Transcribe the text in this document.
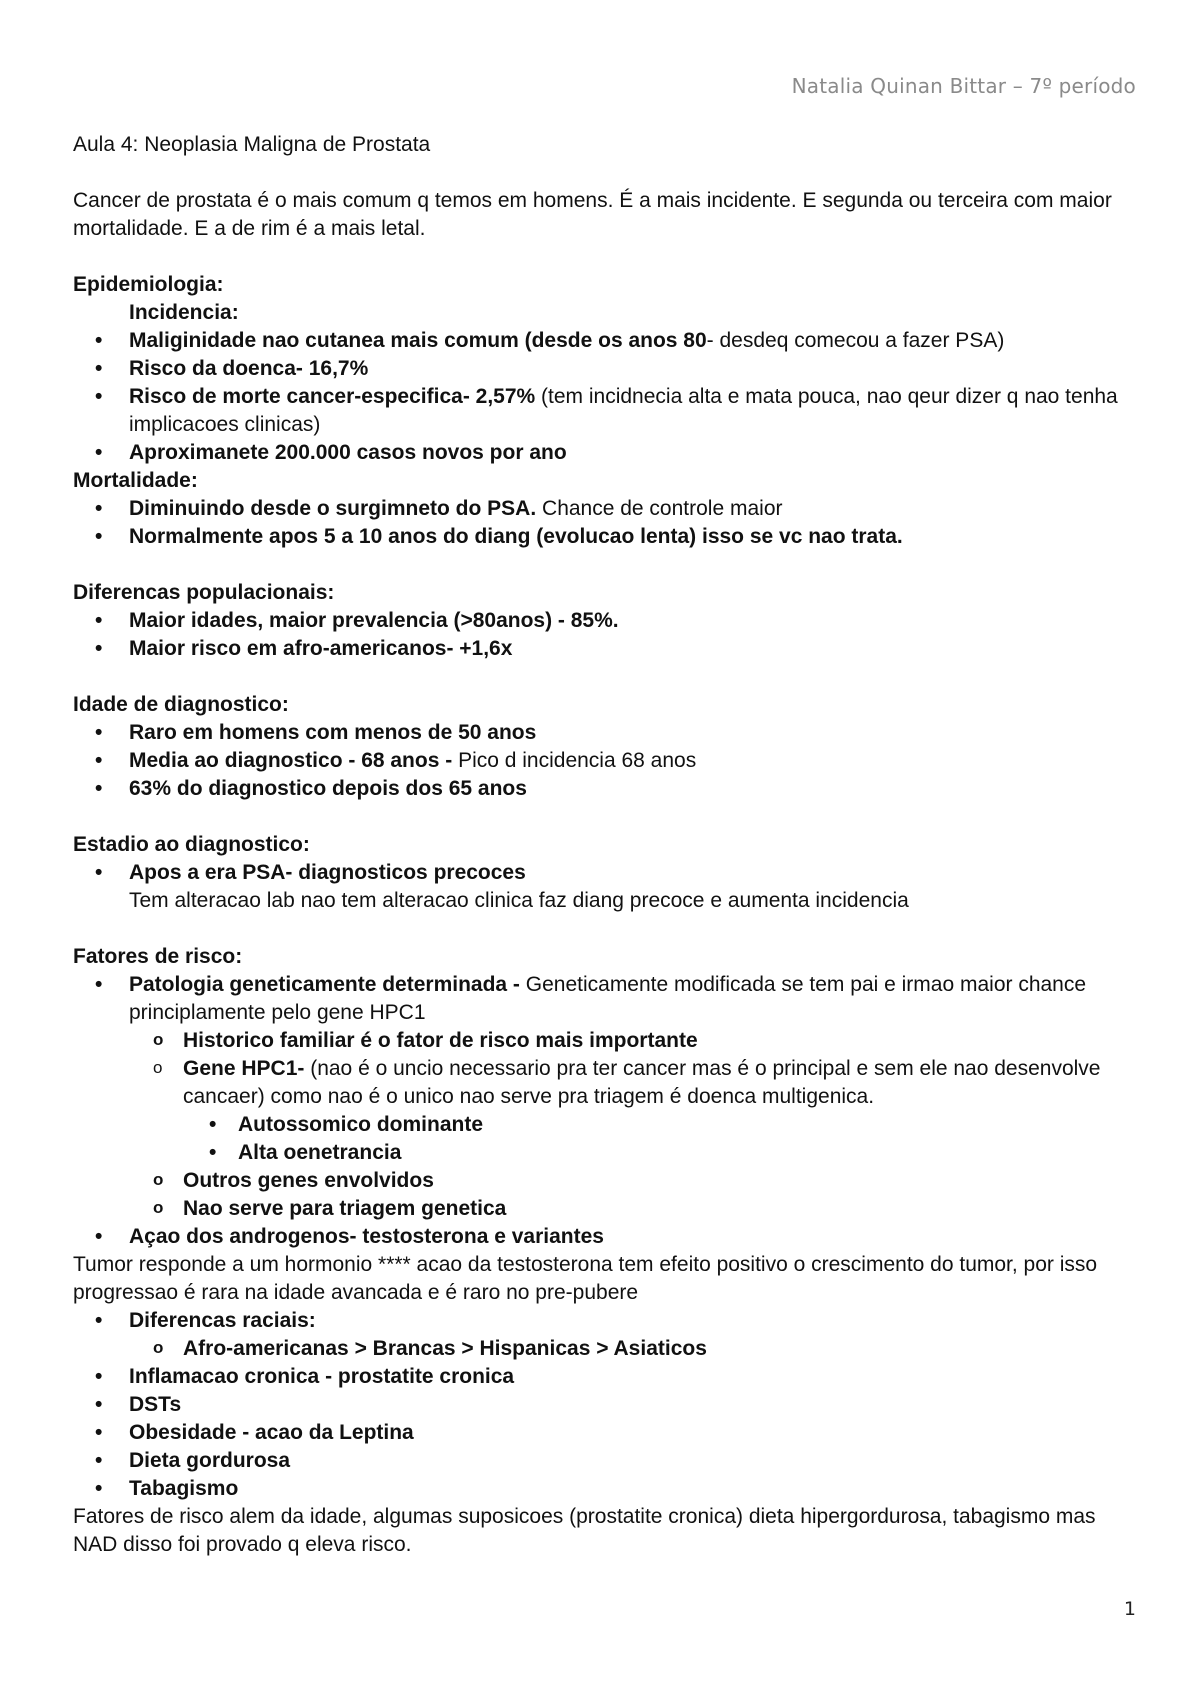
Natalia Quinan Bittar – 7º período

Aula 4: Neoplasia Maligna de Prostata

Cancer de prostata é o mais comum q temos em homens. É a mais incidente. E segunda ou terceira com maior mortalidade. E a de rim é a mais letal.

Epidemiologia:

Incidencia:

• Maliginidade nao cutanea mais comum (desde os anos 80- desdeq comecou a fazer PSA)
• Risco da doenca- 16,7%
• Risco de morte cancer-especifica- 2,57% (tem incidnecia alta e mata pouca, nao qeur dizer q nao tenha implicacoes clinicas)
• Aproximanete 200.000 casos novos por ano

Mortalidade:

• Diminuindo desde o surgimneto do PSA. Chance de controle maior
• Normalmente apos 5 a 10 anos do diang (evolucao lenta) isso se vc nao trata.

Diferencas populacionais:

• Maior idades, maior prevalencia (>80anos) - 85%.
• Maior risco em afro-americanos- +1,6x

Idade de diagnostico:

• Raro em homens com menos de 50 anos
• Media ao diagnostico - 68 anos - Pico d incidencia 68 anos
• 63% do diagnostico depois dos 65 anos

Estadio ao diagnostico:

• Apos a era PSA- diagnosticos precoces

Tem alteracao lab nao tem alteracao clinica faz diang precoce e aumenta incidencia

Fatores de risco:

• Patologia geneticamente determinada - Geneticamente modificada se tem pai e irmao maior chance principlamente pelo gene HPC1
o Historico familiar é o fator de risco mais importante
o Gene HPC1- (nao é o uncio necessario pra ter cancer mas é o principal e sem ele nao desenvolve cancaer) como nao é o unico nao serve pra triagem é doenca multigenica.
• Autossomico dominante
• Alta oenetrancia
o Outros genes envolvidos
o Nao serve para triagem genetica
• Açao dos androgenos- testosterona e variantes

Tumor responde a um hormonio **** acao da testosterona tem efeito positivo o crescimento do tumor, por isso progressao é rara na idade avancada e é raro no pre-pubere

• Diferencas raciais:
o Afro-americanas > Brancas > Hispanicas > Asiaticos
• Inflamacao cronica - prostatite cronica
• DSTs
• Obesidade - acao da Leptina
• Dieta gordurosa
• Tabagismo

Fatores de risco alem da idade, algumas suposicoes (prostatite cronica) dieta hipergordurosa, tabagismo mas NAD disso foi provado q eleva risco.

1
